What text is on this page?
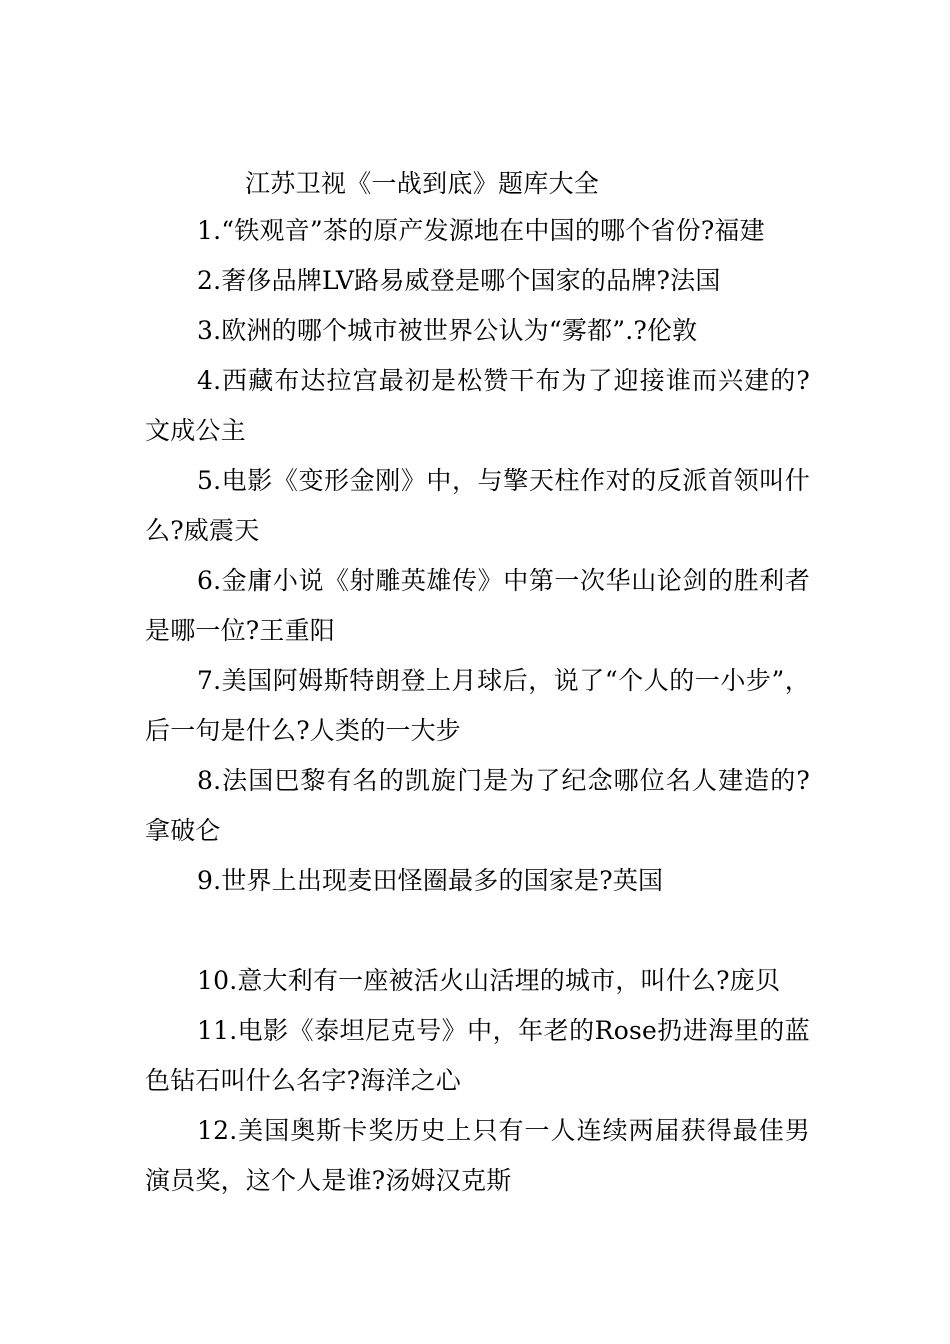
江苏卫视《一战到底》题库大全

1.“铁观音”茶的原产发源地在中国的哪个省份?福建

2.奢侈品牌LV路易威登是哪个国家的品牌?法国

3.欧洲的哪个城市被世界公认为“雾都”.?伦敦

4.西藏布达拉宫最初是松赞干布为了迎接谁而兴建的?文成公主

5.电影《变形金刚》中，与擎天柱作对的反派首领叫什么?威震天

6.金庸小说《射雕英雄传》中第一次华山论剑的胜利者是哪一位?王重阳

7.美国阿姆斯特朗登上月球后，说了“个人的一小步”，后一句是什么?人类的一大步

8.法国巴黎有名的凯旋门是为了纪念哪位名人建造的?拿破仑

9.世界上出现麦田怪圈最多的国家是?英国

10.意大利有一座被活火山活埋的城市，叫什么?庞贝

11.电影《泰坦尼克号》中，年老的Rose扔进海里的蓝色钻石叫什么名字?海洋之心

12.美国奥斯卡奖历史上只有一人连续两届获得最佳男演员奖，这个人是谁?汤姆汉克斯
